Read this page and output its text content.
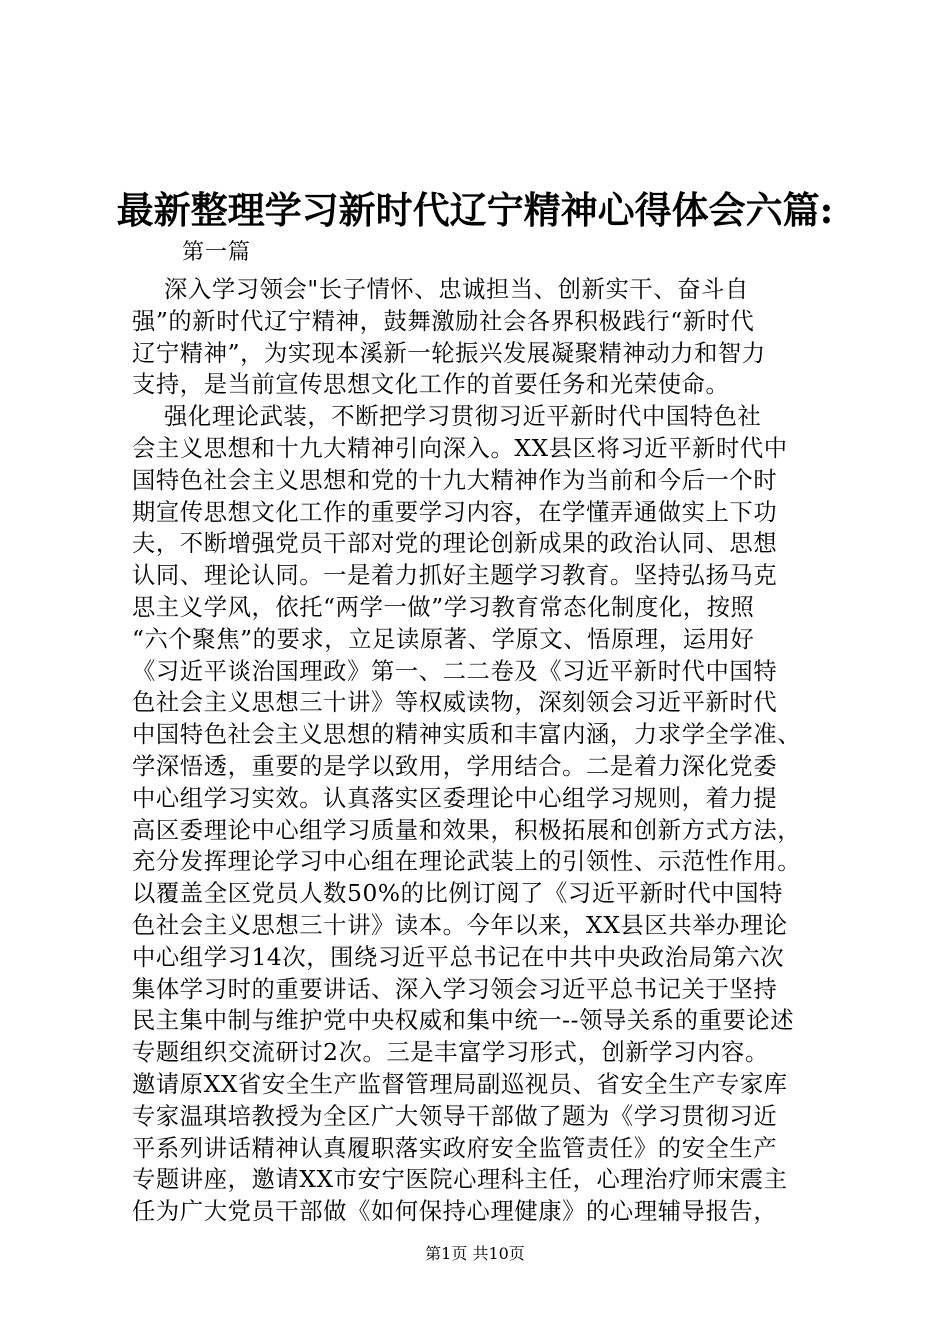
最新整理学习新时代辽宁精神心得体会六篇:
第一篇
深入学习领会"长子情怀、忠诚担当、创新实干、奋斗自
强”的新时代辽宁精神，鼓舞激励社会各界积极践行“新时代
辽宁精神”，为实现本溪新一轮振兴发展凝聚精神动力和智力
支持，是当前宣传思想文化工作的首要任务和光荣使命。
强化理论武装，不断把学习贯彻习近平新时代中国特色社
会主义思想和十九大精神引向深入。XX县区将习近平新时代中
国特色社会主义思想和党的十九大精神作为当前和今后一个时
期宣传思想文化工作的重要学习内容，在学懂弄通做实上下功
夫，不断增强党员干部对党的理论创新成果的政治认同、思想
认同、理论认同。一是着力抓好主题学习教育。坚持弘扬马克
思主义学风，依托“两学一做”学习教育常态化制度化，按照
“六个聚焦”的要求，立足读原著、学原文、悟原理，运用好
《习近平谈治国理政》第一、二二卷及《习近平新时代中国特
色社会主义思想三十讲》等权威读物，深刻领会习近平新时代
中国特色社会主义思想的精神实质和丰富内涵，力求学全学准、
学深悟透，重要的是学以致用，学用结合。二是着力深化党委
中心组学习实效。认真落实区委理论中心组学习规则，着力提
高区委理论中心组学习质量和效果，积极拓展和创新方式方法，
充分发挥理论学习中心组在理论武装上的引领性、示范性作用。
以覆盖全区党员人数50%的比例订阅了《习近平新时代中国特
色社会主义思想三十讲》读本。今年以来，XX县区共举办理论
中心组学习14次，围绕习近平总书记在中共中央政治局第六次
集体学习时的重要讲话、深入学习领会习近平总书记关于坚持
民主集中制与维护党中央权威和集中统一--领导关系的重要论述
专题组织交流研讨2次。三是丰富学习形式，创新学习内容。
邀请原XX省安全生产监督管理局副巡视员、省安全生产专家库
专家温琪培教授为全区广大领导干部做了题为《学习贯彻习近
平系列讲话精神认真履职落实政府安全监管责任》的安全生产
专题讲座，邀请XX市安宁医院心理科主任，心理治疗师宋震主
任为广大党员干部做《如何保持心理健康》的心理辅导报告，
第1页 共10页
